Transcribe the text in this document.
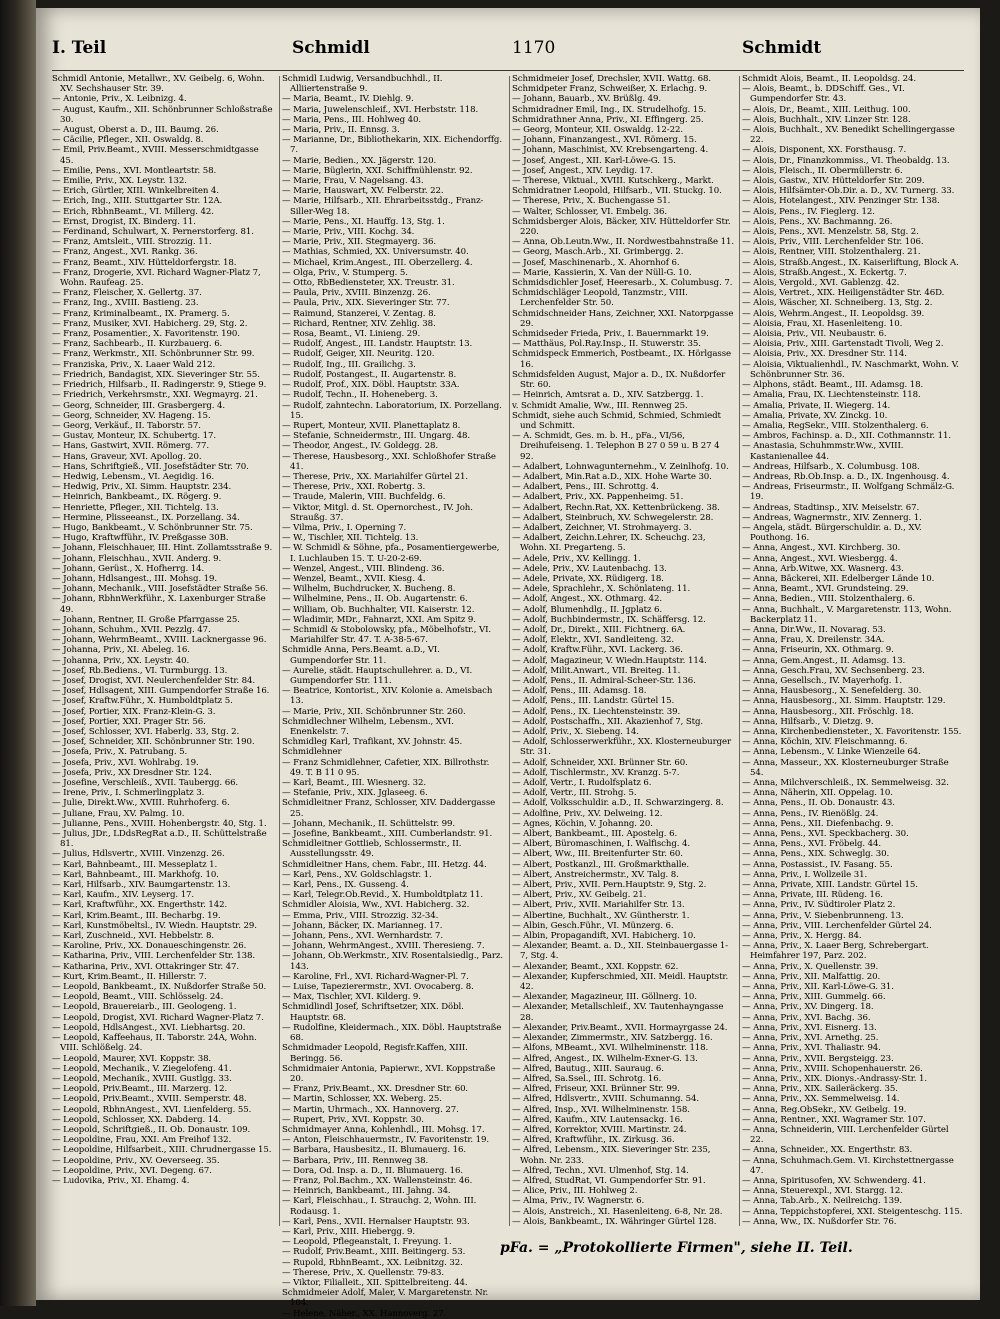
I. Teil	Schmidl	1170	Schmidt
Schmidl Antonie, Metallwr., XV. Geibelg. 6, Wohn. XV. Sechshauser Str. 39.
— Antonie, Priv., X. Leibnizg. 4.
— August, Kaufm., XII. Schönbrunner Schloßstraße 30.
— August, Oberst a. D., III. Baumg. 26.
— Cäcilie, Pfleger., XII. Oswaldg. 8.
— Emil, Priv.Beamt., XVIII. Messerschmidtgasse 45.
— Emilie, Pens., XVI. Montleartstr. 58.
— Emilie, Priv., XX. Leystr. 132.
— Erich, Gürtler, XIII. Winkelbreiten 4.
— Erich, Ing., XIII. Stuttgarter Str. 12A.
— Erich, RbhnBeamt., VI. Millerg. 42.
— Ernst, Drogist, IX. Binderg. 11.
— Ferdinand, Schulwart, X. Pernerstorferg. 81.
— Franz, Amtsleit., VIII. Strozzig. 11.
— Franz, Angest., XVI. Rankg. 36.
— Franz, Beamt., XIV. Hütteldorfergstr. 18.
— Franz, Drogerie, XVI. Richard Wagner-Platz 7, Wohn. Raufeag. 25.
— Franz, Fleischer, X. Gellertg. 37.
— Franz, Ing., XVIII. Bastieng. 23.
— Franz, Kriminalbeamt., IX. Pramerg. 5.
— Franz, Musiker, XVI. Habicherg. 29, Stg. 2.
— Franz, Posamentier., X. Favoritenstr. 190.
— Franz, Sachbearb., II. Kurzbauerg. 6.
— Franz, Werkmstr., XII. Schönbrunner Str. 99.
— Franziska, Priv., X. Laaer Wald 212.
— Friedrich, Bandagist, XIX. Sieveringer Str. 55.
— Friedrich, Hilfsarb., II. Radingerstr. 9, Stiege 9.
— Friedrich, Verkehrsmstr., XXI. Wegmayrg. 21.
— Georg, Schneider, III. Grasbergerg. 4.
— Georg, Schneider, XV. Hageng. 15.
— Georg, Verkäuf., II. Taborstr. 57.
— Gustav, Monteur, IX. Schubertg. 17.
— Hans, Gastwirt, XVII. Römerg. 77.
— Hans, Graveur, XVI. Apollog. 20.
— Hans, Schriftgieß., VII. Josefstädter Str. 70.
— Hedwig, Lebensm., VI. Aegidig. 16.
— Hedwig, Priv., XI. Simm. Hauptstr. 234.
— Heinrich, Bankbeamt., IX. Rögerg. 9.
— Henriette, Pfleger., XII. Tichtelg. 13.
— Hermine, Plisseeanst., IX. Porzellang. 34.
— Hugo, Bankbeamt., V. Schönbrunner Str. 75.
— Hugo, Kraftwfführ., IV. Preßgasse 30B.
— Johann, Fleischhauer, III. Hint. Zollamtsstraße 9.
— Johann, Fleischhau., XVII. Anderg. 9.
— Johann, Gerüst., X. Hofherrg. 14.
— Johann, Hdlsangest., III. Mohsg. 19.
— Johann, Mechanik., VIII. Josefstädter Straße 56.
— Johann, RbhnWerkführ., X. Laxenburger Straße 49.
— Johann, Rentner, II. Große Pfarrgasse 25.
— Johann, Schuhm., XVII. Pezzlg. 47.
— Johann, WehrmBeamt., XVIII. Lacknergasse 96.
— Johanna, Priv., XI. Abeleg. 16.
— Johanna, Priv., XX. Leystr. 40.
— Josef, Rb.Bediens., VI. Turmburgg. 13.
— Josef, Drogist, XVI. Neulerchenfelder Str. 84.
— Josef, Hdlsagent, XIII. Gumpendorfer Straße 16.
— Josef, Kraftw.Führ., X. Humboldtplatz 5.
— Josef, Portier, XIX. Franz-Klein-G. 3.
— Josef, Portier, XXI. Prager Str. 56.
— Josef, Schlosser, XVI. Haberlg. 33, Stg. 2.
— Josef, Schneider, XII. Schönbrunner Str. 190.
— Josefa, Priv., X. Patrubang. 5.
— Josefa, Priv., XVI. Wohlrabg. 19.
— Josefa, Priv., XX Dresdner Str. 124.
— Josefine, Verschleiß., XVII. Taubergg. 66.
— Irene, Priv., I. Schmerlingplatz 3.
— Julie, Direkt.Ww., XVIII. Ruhrhoferg. 6.
— Juliane, Frau, XV. Palmg. 10.
— Julianne, Pens., XVIII. Hohenbergstr. 40, Stg. 1.
— Julius, JDr., LDdsRegRat a.D., II. Schüttelstraße 81.
— Julius, Hdlsvertr., XVIII. Vinzenzg. 26.
— Karl, Bahnbeamt., III. Messeplatz 1.
— Karl, Bahnbeamt., III. Markhofg. 10.
— Karl, Hilfsarb., XIV. Baumgartenstr. 13.
— Karl, Kaufm., XIV. Leyserg. 17.
— Karl, Kraftwführ., XX. Engerthstr. 142.
— Karl, Krim.Beamt., III. Becharbg. 19.
— Karl, Kunstmöbeltsl., IV. Wiedn. Hauptstr. 29.
— Karl, Zuschneid., XVI. Hebbelstr. 8.
— Karoline, Priv., XX. Donaueschingenstr. 26.
— Katharina, Priv., VIII. Lerchenfelder Str. 138.
— Katharina, Priv., XVI. Ottakringer Str. 47.
— Kurt, Krim.Beamt., II. Hillerstr. 7.
— Leopold, Bankbeamt., IX. Nußdorfer Straße 50.
— Leopold, Beamt., VIII. Schlösselg. 24.
— Leopold, Brauereiarb., III. Geologeng. 1.
— Leopold, Drogist, XVI. Richard Wagner-Platz 7.
— Leopold, HdlsAngest., XVI. Liebhartsg. 20.
— Leopold, Kaffeehaus, II. Taborstr. 24A, Wohn. VIII. Schlößelg. 24.
— Leopold, Maurer, XVI. Koppstr. 38.
— Leopold, Mechanik., V. Ziegelofeng. 41.
— Leopold, Mechanik., XVIII. Gustlgg. 33.
— Leopold, Priv.Beamt., III. Marzerg. 12.
— Leopold, Priv.Beamt., XVIII. Semperstr. 48.
— Leopold, RbhnAngest., XVI. Lienfelderg. 55.
— Leopold, Schlosser, XX. Dabderg. 14.
— Leopold, Schriftgieß., II. Ob. Donaustr. 109.
— Leopoldine, Frau, XXI. Am Freihof 132.
— Leopoldine, Hilfsarbeit., XIII. Chrudnergasse 15.
— Leopoldine, Priv., XV. Oeverseeg. 35.
— Leopoldine, Priv., XVI. Degeng. 67.
— Ludovika, Priv., XI. Ehamg. 4.
Schmidl Ludwig, Versandbuchhdl., II. Alliiertenstraße 9.
— Maria, Beamt., IV. Diehlg. 9.
— Maria, Juwelenschleif., XVI. Herbststr. 118.
— Maria, Pens., III. Hohlweg 40.
— Maria, Priv., II. Ennsg. 3.
— Marianne, Dr., Bibliothekarin, XIX. Eichendorffg. 7.
— Marie, Bedien., XX. Jägerstr. 120.
— Marie, Büglerin, XXI. Schiffmühlenstr. 92.
— Marie, Frau, V. Nagelsang. 43.
— Marie, Hauswart, XV. Felberstr. 22.
— Marie, Hilfsarb., XII. Ehrarbeitsstdg., Franz-Siller-Weg 18.
— Marie, Pens., XI. Hauffg. 13, Stg. 1.
— Marie, Priv., VIII. Kochg. 34.
— Marie, Priv., XII. Stegmayerg. 36.
— Mathias, Schmied, XX. Universumstr. 40.
— Michael, Krim.Angest., III. Oberzellerg. 4.
— Olga, Priv., V. Stumperg. 5.
— Otto, RbBediensteter, XX. Treustr. 31.
— Paula, Priv., XVIII. Binzenzg. 26.
— Paula, Priv., XIX. Sieveringer Str. 77.
— Raimund, Stanzerei, V. Zentag. 8.
— Richard, Rentner, XIV. Zehlig. 38.
— Rosa, Beamt., VI. Linieng. 29.
— Rudolf, Angest., III. Landstr. Hauptstr. 13.
— Rudolf, Geiger, XII. Neuritg. 120.
— Rudolf, Ing., III. Grailichg. 3.
— Rudolf, Postangest., II. Augartenstr. 8.
— Rudolf, Prof., XIX. Döbl. Hauptstr. 33A.
— Rudolf, Techn., II. Hoheneberg. 3.
— Rudolf, zahntechn. Laboratorium, IX. Porzellang. 15.
— Rupert, Monteur, XVII. Planettaplatz 8.
— Stefanie, Schneidermstr., III. Ungarg. 48.
— Theodor, Angest., IV. Goldegg. 28.
— Therese, Hausbesorg., XXI. Schloßhofer Straße 41.
— Therese, Priv., XX. Mariahilfer Gürtel 21.
— Therese, Priv., XXI. Robertg. 3.
— Traude, Malerin, VIII. Buchfeldg. 6.
— Viktor, Mitgl. d. St. Opernorchest., IV. Joh. Straußg. 37.
— Vilma, Priv., I. Operning 7.
— W., Tischler, XII. Tichtelg. 13.
— W. Schmidl & Söhne, pfa., Posamentiergewerbe, I. Luchlauben 15. T. U-20-2-69.
— Wenzel, Angest., VIII. Blindeng. 36.
— Wenzel, Beamt., XVII. Kiesg. 4.
— Wilhelm, Buchdrucker, X. Bucheng. 8.
— Wilhelmine, Pens., II. Ob. Augartenstr. 6.
— William, Ob. Buchhalter, VII. Kaiserstr. 12.
— Wladimir, MDr., Fahnarzt, XXI. Am Spitz 9.
— Schmidl & Stobolowsky, pfa., Möbelhofstr., VI. Mariahilfer Str. 47. T. A-38-5-67.
Schmidle Anna, Pers.Beamt. a.D., VI. Gumpendorfer Str. 11.
— Aurelie, städt. Hauptschullehrer. a. D., VI. Gumpendorfer Str. 111.
— Beatrice, Kontorist., XIV. Kolonie a. Ameisbach 13.
— Marie, Priv., XII. Schönbrunner Str. 260.
Schmidlechner Wilhelm, Lebensm., XVI. Enenkelstr. 7.
Schmidleg Karl, Trafikant, XV. Johnstr. 45.
Schmidlehner
— Franz Schmidlehner, Cafetier, XIX. Billrothstr. 49. T. B 11 0 95.
— Karl, Beamt., III. Wiesnerg. 32.
— Stefanie, Priv., XIX. Jglaseeg. 6.
Schmidleitner Franz, Schlosser, XIV. Daddergasse 25.
— Johann, Mechanik., II. Schüttelstr. 99.
— Josefine, Bankbeamt., XIII. Cumberlandstr. 91.
Schmidleitner Gottlieb, Schlossermstr., II. Ausstellungsstr. 49.
Schmidleitner Hans, chem. Fabr., III. Hetzg. 44.
— Karl, Pens., XV. Goldschlagstr. 1.
— Karl, Pens., IX. Gusseng. 4.
— Karl, Telegr.Ob.Revid., X. Humboldtplatz 11.
Schmidler Aloisia, Ww., XVI. Habicherg. 32.
— Emma, Priv., VIII. Strozzig. 32-34.
— Johann, Bäcker, IX. Marianneg. 17.
— Johann, Pens., XVI. Wernhardstr. 7.
— Johann, WehrmAngest., XVIII. Theresieng. 7.
— Johann, Ob.Werkmstr., XIV. Rosentalsiedlg., Parz. 143.
— Karoline, Frl., XVI. Richard-Wagner-Pl. 7.
— Luise, Tapezierermstr., XVI. Ovocaberg. 8.
— Max, Tischler, XVI. Kilderg. 9.
Schmidlindl Josef, Schriftsetzer, XIX. Döbl. Hauptstr. 68.
— Rudolfine, Kleidermach., XIX. Döbl. Hauptstraße 68.
Schmidmader Leopold, Regisfr.Kaffen, XIII. Beringg. 56.
Schmidmaier Antonia, Papierwr., XVI. Koppstraße 20.
— Franz, Priv.Beamt., XX. Dresdner Str. 60.
— Martin, Schlosser, XX. Weberg. 25.
— Martin, Uhrmach., XX. Hannoverg. 27.
— Rupert, Priv., XVI. Koppstr. 30.
Schmidmayer Anna, Kohlenhdl., III. Mohsg. 17.
— Anton, Fleischhauermstr., IV. Favoritenstr. 19.
— Barbara, Hausbesitz., II. Blumauerg. 16.
— Barbara, Priv., III. Rennweg 38.
— Dora, Od. Insp. a. D., II. Blumauerg. 16.
— Franz, Pol.Bachm., XX. Wallensteinstr. 46.
— Heinrich, Bankbeamt., III. Jahng. 34.
— Karl, Fleischhau., I. Strauchg. 2, Wohn. III. Rodausg. 1.
— Karl, Pens., XVII. Hernalser Hauptstr. 93.
— Karl, Priv., XIII. Hiebergg. 9.
— Leopold, Pflegeanstalt, I. Freyung. 1.
— Rudolf, Priv.Beamt., XIII. Beitingerg. 53.
— Rupold, RbhnBeamt., XX. Leibnitzg. 32.
— Therese, Priv., X. Quellenstr. 79-83.
— Viktor, Filialleit., XII. Spittelbreiteng. 44.
Schmidmeier Adolf, Maler, V. Margaretenstr. Nr. 104.
— Helene, Näher., XX. Hannoverg. 27.
Schmidmeier Josef, Drechsler, XVII. Wattg. 68.
Schmidpeter Franz, Schweißer, X. Erlachg. 9.
— Johann, Bauarb., XV. Brüßlg. 49.
Schmidradner Emil, Ing., IX. Strudelhofg. 15.
Schmidrathner Anna, Priv., XI. Effingerg. 25.
— Georg, Monteur, XII. Oswaldg. 12-22.
— Johann, Finanzangest., XVI. Römerg. 15.
— Johann, Maschinist, XV. Krebsengarteng. 4.
— Josef, Angest., XII. Karl-Löwe-G. 15.
— Josef, Angest., XIV. Leydig. 17.
— Therese, Viktual., XVIII. Kutschkerg., Markt.
Schmidratner Leopold, Hilfsarb., VII. Stuckg. 10.
— Therese, Priv., X. Buchengasse 51.
— Walter, Schlosser, VI. Embelg. 36.
Schmidsberger Alois, Bäcker, XIV. Hütteldorfer Str. 220.
— Anna, Ob.Leutn.Ww., II. Nordwestbahnstraße 11.
— Georg, Masch.Arb., XI. Grimbergg. 2.
— Josef, Maschinenarb., X. Ahornhof 6.
— Marie, Kassierin, X. Van der Nüll-G. 10.
Schmidsdichler Josef, Heeresarb., X. Columbusg. 7.
Schmidschläger Leopold, Tanzmstr., VIII. Lerchenfelder Str. 50.
Schmidschneider Hans, Zeichner, XXI. Natorpgasse 29.
Schmidseder Frieda, Priv., I. Bauernmarkt 19.
— Matthäus, Pol.Ray.Insp., II. Stuwerstr. 35.
Schmidspeck Emmerich, Postbeamt., IX. Hörlgasse 16.
Schmidsfelden August, Major a. D., IX. Nußdorfer Str. 60.
— Heinrich, Amtsrat a. D., XIV. Satzbergg. 1.
v. Schmidt Amalie, Ww., III. Rennweg 25.
Schmidt, siehe auch Schmid, Schmied, Schmiedt und Schmitt.
— A. Schmidt, Ges. m. b. H., pFa., VI/56, Dreihufeiseng. 1. Telephon B 27 0 59 u. B 27 4 92.
— Adalbert, Lohnwagunternehm., V. Zeinlhofg. 10.
— Adalbert, Min.Rat a.D., XIX. Hohe Warte 30.
— Adalbert, Pens., III. Schrottg. 4.
— Adalbert, Priv., XX. Pappenheimg. 51.
— Adalbert, Rechn.Rat, XX. Kettenbrückeng. 38.
— Adalbert, Steinbruch, XV. Schwegelerstr. 28.
— Adalbert, Zeichner, VI. Strohmayerg. 3.
— Adalbert, Zeichn.Lehrer, IX. Scheuchg. 23, Wohn. XI. Pregarteng. 5.
— Adele, Priv., XV. Kellingg. 1.
— Adele, Priv., XV. Lautenbachg. 13.
— Adele, Private, XX. Rüdigerg. 18.
— Adele, Sprachlehr., X. Schönlateng. 11.
— Adolf, Angest., XX. Othmarg. 42.
— Adolf, Blumenhdlg., II. Jgplatz 6.
— Adolf, Buchbindermstr., IX. Schäffersg. 12.
— Adolf, Dr., Direkt., XIII. Fichtnerg. 6A.
— Adolf, Elektr., XVI. Sandleiteng. 32.
— Adolf, Kraftw.Führ., XVI. Lackerg. 36.
— Adolf, Magazineur, V. Wiedn.Hauptstr. 114.
— Adolf, Milit.Anwart., VII. Breiteg. 11.
— Adolf, Pens., II. Admiral-Scheer-Str. 136.
— Adolf, Pens., III. Adamsg. 18.
— Adolf, Pens., III. Landstr. Gürtel 15.
— Adolf, Pens., IX. Liechtensteinstr. 39.
— Adolf, Postschaffn., XII. Akazienhof 7, Stg.
— Adolf, Priv., X. Siebeng. 14.
— Adolf, Schlosserwerkführ., XX. Klosterneuburger Str. 31.
— Adolf, Schneider, XXI. Brünner Str. 60.
— Adolf, Tischlermstr., XV. Kranzg. 5-7.
— Adolf, Vertr., I. Rudolfsplatz 6.
— Adolf, Vertr., III. Strohg. 5.
— Adolf, Volksschuldir. a.D., II. Schwarzingerg. 8.
— Adolfine, Priv., XV. Delweing. 12.
— Agnes, Köchin, V. Johanng. 20.
— Albert, Bankbeamt., III. Apostelg. 6.
— Albert, Büromaschinen, I. Walfischg. 4.
— Albert, Ww., III. Breitenfurter Str. 60.
— Albert, Postkanzl., III. Großmarkthalle.
— Albert, Anstreichermstr., XV. Talg. 8.
— Albert, Priv., XVII. Pern.Hauptstr. 9, Stg. 2.
— Albert, Priv., XV. Geibelg. 21.
— Albert, Priv., XVII. Mariahilfer Str. 13.
— Albertine, Buchhalt., XV. Güntherstr. 1.
— Albin, Gesch.Führ., VI. Münzerg. 6.
— Albin, Propagandift, XVI. Habicherg. 10.
— Alexander, Beamt. a. D., XII. Steinbauergasse 1-7, Stg. 4.
— Alexander, Beamt., XXI. Koppstr. 62.
— Alexander, Kupferschmied, XII. Meidl. Hauptstr. 42.
— Alexander, Magazineur, III. Göllnerg. 10.
— Alexander, Metallschleif., XV. Tautenhayngasse 28.
— Alexander, Priv.Beamt., XVII. Hormayrgasse 24.
— Alexander, Zimmermstr., XIV. Satzbergg. 16.
— Alfons, MBeamt., XVI. Wilhelminenstr. 118.
— Alfred, Angest., IX. Wilhelm-Exner-G. 13.
— Alfred, Bautug., XIII. Sauraug. 6.
— Alfred, Sa.Ssel., III. Schrotg. 16.
— Alfred, Friseur, XXI. Brünner Str. 99.
— Alfred, Hdlsvertr., XVIII. Schumanng. 54.
— Alfred, Insp., XVI. Wilhelminenstr. 158.
— Alfred, Kaufm., XIV. Lautensackg. 16.
— Alfred, Korrektor, XVIII. Martinstr. 24.
— Alfred, Kraftwführ., IX. Zirkusg. 36.
— Alfred, Lebensm., XIX. Sieveringer Str. 235, Wohn. Nr. 233.
— Alfred, Techn., XVI. Ulmenhof, Stg. 14.
— Alfred, StudRat, VI. Gumpendorfer Str. 91.
— Alice, Priv., III. Hohlweg 2.
— Alma, Priv., IV. Wagnerstr. 6.
— Alois, Anstreich., XI. Hasenleiteng. 6-8, Nr. 28.
— Alois, Bankbeamt., IX. Währinger Gürtel 128.
Schmidt Alois, Beamt., II. Leopoldsg. 24.
— Alois, Beamt., b. DDSchiff. Ges., VI. Gumpendorfer Str. 43.
— Alois, Dr., Beamt., XIII. Leithug. 100.
— Alois, Buchhalt., XIV. Linzer Str. 128.
— Alois, Buchhalt., XV. Benedikt Schellingergasse 22.
— Alois, Disponent, XX. Forsthausg. 7.
— Alois, Dr., Finanzkommiss., VI. Theobaldg. 13.
— Alois, Fleisch., II. Obermüllerstr. 6.
— Alois, Gastw., XIV. Hütteldorfer Str. 209.
— Alois, Hilfsämter-Ob.Dir. a. D., XV. Turnerg. 33.
— Alois, Hotelangest., XIV. Penzinger Str. 138.
— Alois, Pens., IV. Fieglerg. 12.
— Alois, Pens., XV. Bachmanng. 26.
— Alois, Pens., XVI. Menzelstr. 58, Stg. 2.
— Alois, Priv., VIII. Lerchenfelder Str. 106.
— Alois, Rentner, VIII. Stolzenthalerg. 21.
— Alois, Straßb.Angest., IX. Kaiserliftung, Block A.
— Alois, Straßb.Angest., X. Eckertg. 7.
— Alois, Vergold., XVI. Gablenzg. 42.
— Alois, Vertret., XIX. Heiligenstädter Str. 46D.
— Alois, Wäscher, XI. Schneiberg. 13, Stg. 2.
— Alois, Wehrm.Angest., II. Leopoldsg. 39.
— Aloisia, Frau, XI. Hasenleiteng. 10.
— Aloisia, Priv., VII. Neubaustr. 6.
— Aloisia, Priv., XIII. Gartenstadt Tivoli, Weg 2.
— Aloisia, Priv., XX. Dresdner Str. 114.
— Aloisia, Viktualienhdl., IV. Naschmarkt, Wohn. V. Schönbrunner Str. 36.
— Alphons, städt. Beamt., III. Adamsg. 18.
— Amalia, Frau, IX. Liechtensteinstr. 118.
— Amalia, Private, II. Wiegerg. 14.
— Amalia, Private, XV. Zinckg. 10.
— Amalia, RegSekr., VIII. Stolzenthalerg. 6.
— Ambros, Fachinsp. a. D., XII. Cothmannstr. 11.
— Anastasia, Schuhmmstr.Ww., XVIII. Kastanienallee 44.
— Andreas, Hilfsarb., X. Columbusg. 108.
— Andreas, Rb.Ob.Insp. a. D., IX. Ingenhousg. 4.
— Andreas, Friseurmstr., II. Wolfgang Schmälz-G. 19.
— Andreas, Stadtinsp., XIV. Meiselstr. 67.
— Andreas, Wagnermstr., XIV. Zennerg. 1.
— Angela, städt. Bürgerschuldir. a. D., XV. Pouthong. 16.
— Anna, Angest., XVI. Kirchberg. 30.
— Anna, Angest., XVI. Wiesbergg. 4.
— Anna, Arb.Witwe, XX. Wasnerg. 43.
— Anna, Bäckerei, XII. Edelberger Lände 10.
— Anna, Beamt., XVI. Grundsteing. 29.
— Anna, Bedien., VIII. Stolzenthalerg. 6.
— Anna, Buchhalt., V. Margaretenstr. 113, Wohn. Backerplatz 11.
— Anna, Dir.Ww., II. Novarag. 53.
— Anna, Frau, X. Dreilenstr. 34A.
— Anna, Friseurin, XX. Othmarg. 9.
— Anna, Gem.Angest., II. Adamsg. 13.
— Anna, Gesch.Frau, XV. Sechsenberg. 23.
— Anna, Gesellsch., IV. Mayerhofg. 1.
— Anna, Hausbesorg., X. Senefelderg. 30.
— Anna, Hausbesorg., XI. Simm. Hauptstr. 129.
— Anna, Hausbesorg., XII. Fröschlg. 18.
— Anna, Hilfsarb., V. Dietzg. 9.
— Anna, Kirchenbediensteter., X. Favoritenstr. 155.
— Anna, Köchin, XIV. Fleischmanng. 6.
— Anna, Lebensm., V. Linke Wienzeile 64.
— Anna, Masseur., XX. Klosterneuburger Straße 54.
— Anna, Milchverschleiß., IX. Semmelweisg. 32.
— Anna, Näherin, XII. Oppelag. 10.
— Anna, Pens., II. Ob. Donaustr. 43.
— Anna, Pens., IV. Rienößlg. 24.
— Anna, Pens., XII. Diefenbachg. 9.
— Anna, Pens., XVI. Speckbacherg. 30.
— Anna, Pens., XVI. Fröbelg. 44.
— Anna, Pens., XIX. Schweglg. 30.
— Anna, Postassist., IV. Fasang. 55.
— Anna, Priv., I. Wollzeile 31.
— Anna, Private, XIII. Landstr. Gürtel 15.
— Anna, Private, III. Rüdeng. 16.
— Anna, Priv., IV. Südtiroler Platz 2.
— Anna, Priv., V. Siebenbrunneng. 13.
— Anna, Priv., VIII. Lerchenfelder Gürtel 24.
— Anna, Priv., X. Hergg. 84.
— Anna, Priv., X. Laaer Berg, Schrebergart. Heimfahrer 197, Parz. 202.
— Anna, Priv., X. Quellenstr. 39.
— Anna, Priv., XII. Malfattig. 20.
— Anna, Priv., XII. Karl-Löwe-G. 31.
— Anna, Priv., XIII. Gummelg. 66.
— Anna, Priv., XV. Dingerg. 18.
— Anna, Priv., XVI. Bachg. 36.
— Anna, Priv., XVI. Eisnerg. 13.
— Anna, Priv., XVI. Arnethg. 25.
— Anna, Priv., XVI. Thaliastr. 94.
— Anna, Priv., XVII. Bergsteigg. 23.
— Anna, Priv., XVIII. Schopenhauerstr. 26.
— Anna, Priv., XIX. Dionys.-Andrassy-Str. 1.
— Anna, Priv., XIX. Saileräckerg. 35.
— Anna, Priv., XX. Semmelweisg. 14.
— Anna, Reg.ObSekr., XV. Geibelg. 19.
— Anna, Rentner., XXI. Wagramer Str. 107.
— Anna, Schneiderin, VIII. Lerchenfelder Gürtel 22.
— Anna, Schneider., XX. Engerthstr. 83.
— Anna, Schuhmach.Gem. VI. Kirchstettnergasse 47.
— Anna, Spiritusofen, XV. Schwenderg. 41.
— Anna, Steuerexpl., XVI. Stargg. 12.
— Anna, Tab.Arb., X. Neilreichg. 139.
— Anna, Teppichstopferei, XXI. Steigenteschg. 115.
— Anna, Ww., IX. Nußdorfer Str. 76.
pFa. = „Protokollierte Firmen", siehe II. Teil.
